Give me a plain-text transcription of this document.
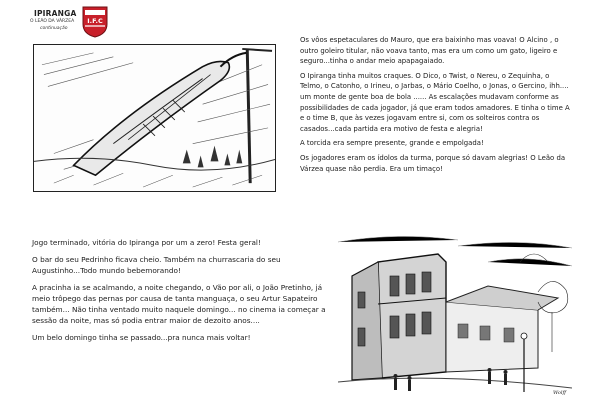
IPIRANGA
O LEÃO DA VÁRZEA
continuação
I.F.C

Os vôos espetaculares do Mauro, que era baixinho mas voava! O Alcino , o outro goleiro titular, não voava tanto, mas era um como um gato, ligeiro e seguro...tinha o andar meio apapagaiado.

O Ipiranga tinha muitos craques. O Dico, o Twist, o Nereu, o Zequinha, o Telmo, o Catonho, o Irineu, o Jarbas, o Mário Coelho, o Jonas, o Gercino, ihh.... um monte de gente boa de bola ...... As escalações mudavam conforme as possibilidades de cada jogador, já que eram todos amadores. E tinha o time A e o time B, que às vezes jogavam entre si, com os solteiros contra os casados...cada partida era motivo de festa e alegria!

A torcida era sempre presente, grande e empolgada!

Os jogadores eram os ídolos da turma, porque só davam alegrias! O Leão da Várzea quase não perdia. Era um timaço!

Jogo terminado, vitória do Ipiranga por um a zero! Festa geral!

O bar do seu Pedrinho ficava cheio. Também na churrascaria do seu Augustinho...Todo mundo bebemorando!

A pracinha ia se acalmando, a noite chegando, o Vão por ali, o João Pretinho, já meio trôpego das pernas por causa de tanta manguaça, o seu Artur Sapateiro também... Não tinha ventado muito naquele domingo... no cinema ia começar a sessão da noite, mas só podia entrar maior de dezoito anos....

Um belo domingo tinha se passado...pra nunca mais voltar!

Wolff
